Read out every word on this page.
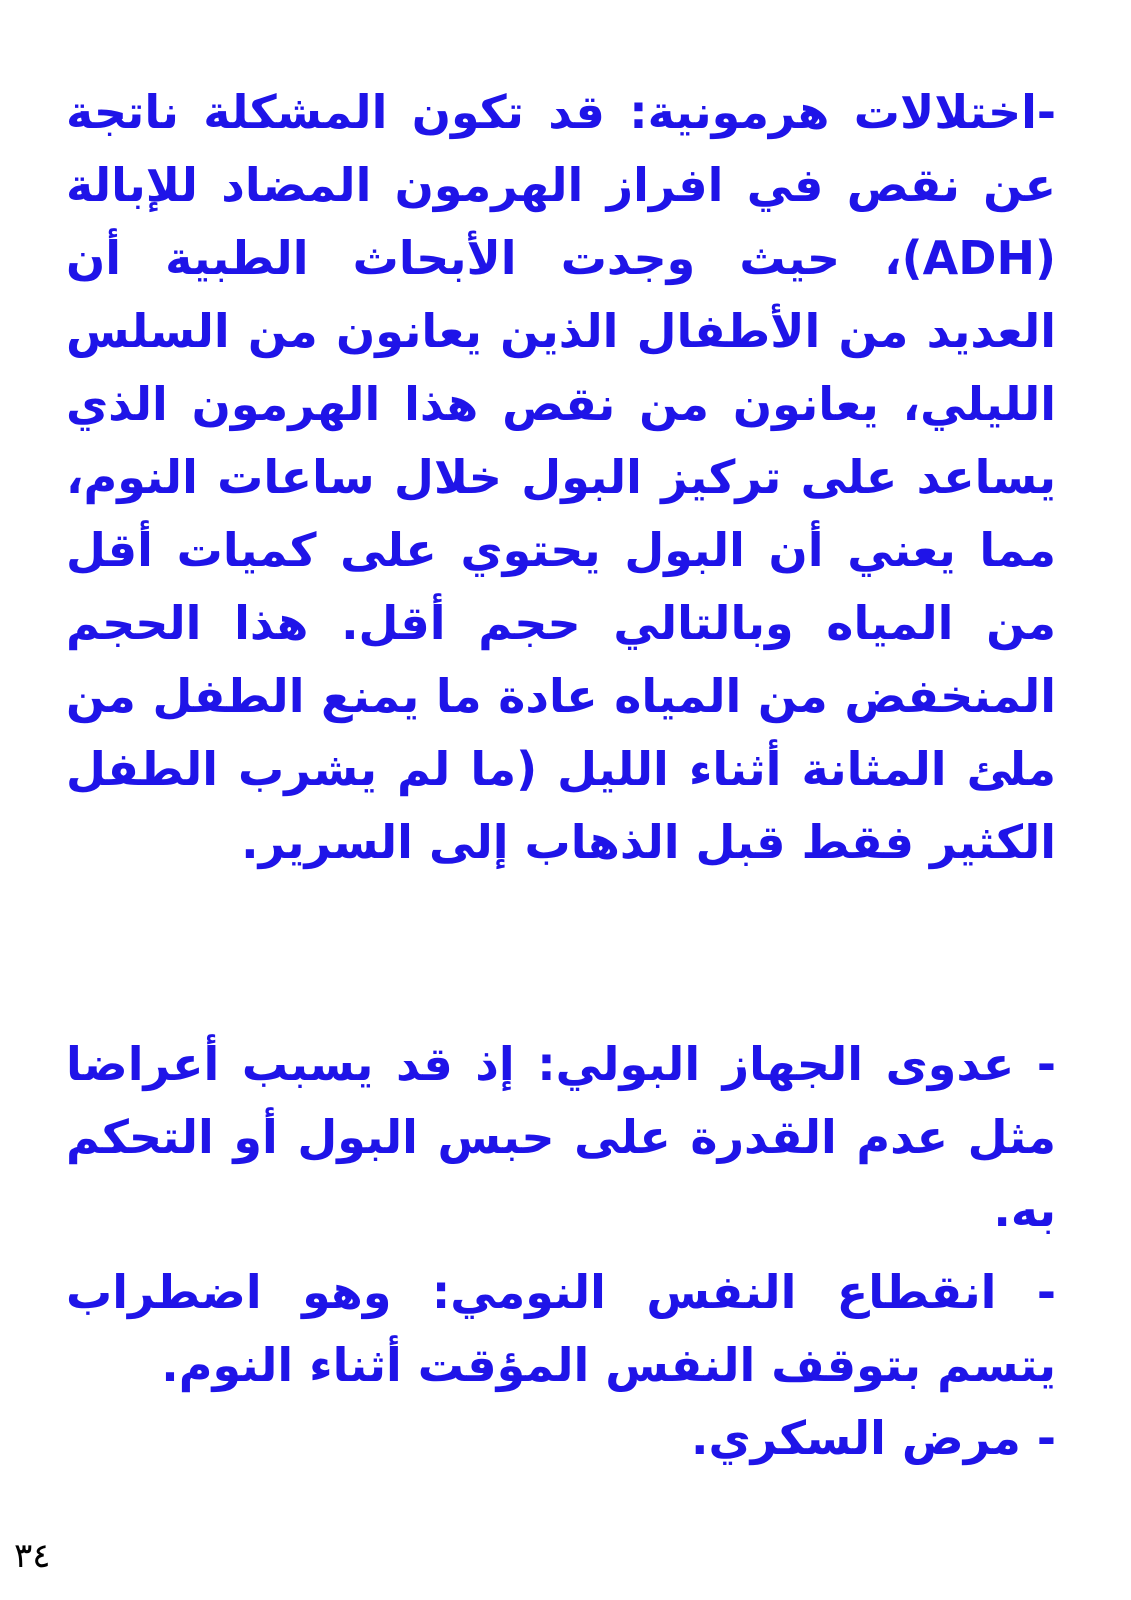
-اختلالات هرمونية: قد تكون المشكلة ناتجة عن نقص في افراز الهرمون المضاد للإبالة (ADH)، حيث وجدت الأبحاث الطبية أن العديد من الأطفال الذين يعانون من السلس الليلي، يعانون من نقص هذا الهرمون الذي يساعد على تركيز البول خلال ساعات النوم، مما يعني أن البول يحتوي على كميات أقل من المياه وبالتالي حجم أقل. هذا الحجم المنخفض من المياه عادة ما يمنع الطفل من ملئ المثانة أثناء الليل (ما لم يشرب الطفل الكثير فقط قبل الذهاب إلى السرير.

- عدوى الجهاز البولي: إذ قد يسبب أعراضا مثل عدم القدرة على حبس البول أو التحكم به.

- انقطاع النفس النومي: وهو اضطراب يتسم بتوقف النفس المؤقت أثناء النوم.

- مرض السكري.

٣٤
